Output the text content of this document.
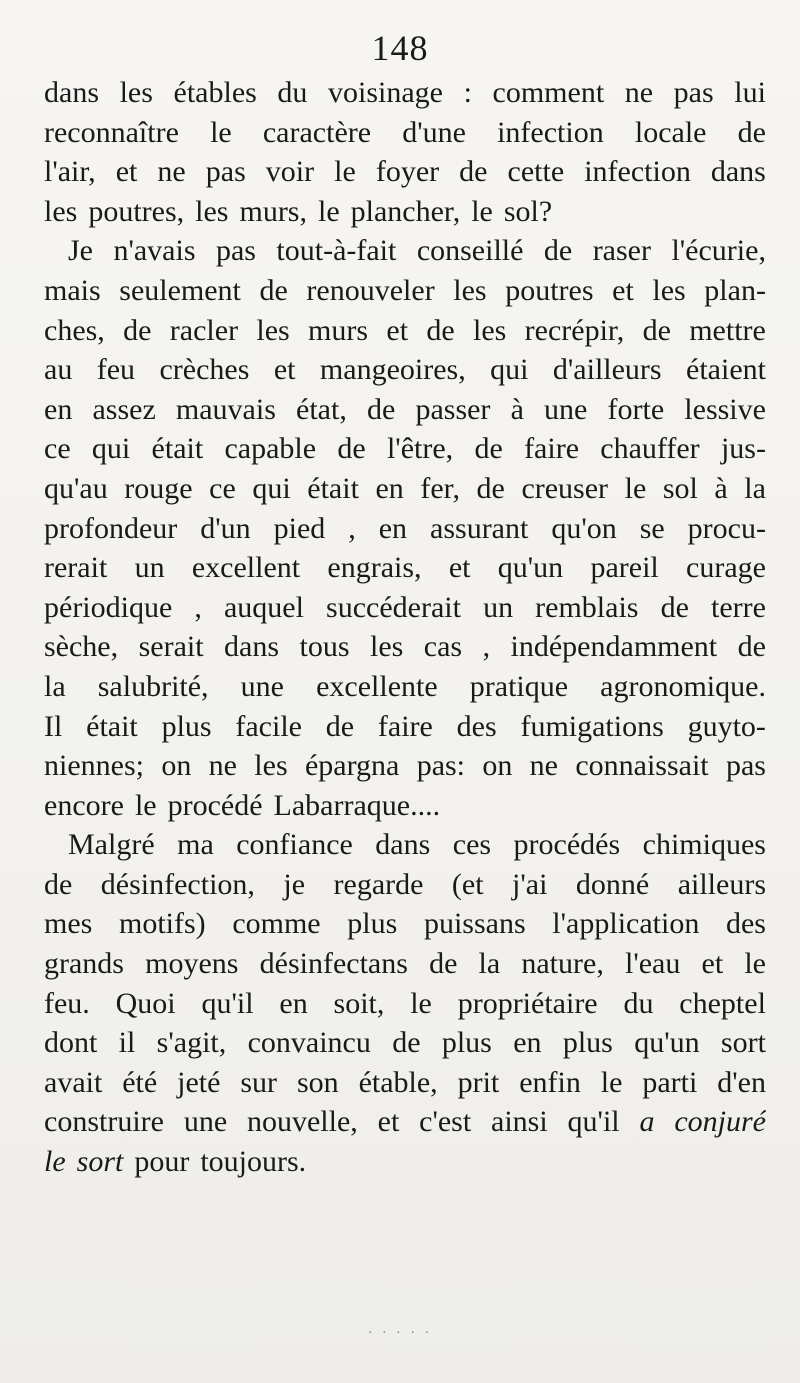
148
dans les étables du voisinage : comment ne pas lui
reconnaître le caractère d'une infection locale de
l'air, et ne pas voir le foyer de cette infection dans
les poutres, les murs, le plancher, le sol?
Je n'avais pas tout-à-fait conseillé de raser l'écurie,
mais seulement de renouveler les poutres et les plan-
ches, de racler les murs et de les recrépir, de mettre
au feu crèches et mangeoires, qui d'ailleurs étaient
en assez mauvais état, de passer à une forte lessive
ce qui était capable de l'être, de faire chauffer jus-
qu'au rouge ce qui était en fer, de creuser le sol à la
profondeur d'un pied , en assurant qu'on se procu-
rerait un excellent engrais, et qu'un pareil curage
périodique , auquel succéderait un remblais de terre
sèche, serait dans tous les cas , indépendamment de
la salubrité, une excellente pratique agronomique.
Il était plus facile de faire des fumigations guyto-
niennes; on ne les épargna pas: on ne connaissait pas
encore le procédé Labarraque....
Malgré ma confiance dans ces procédés chimiques
de désinfection, je regarde (et j'ai donné ailleurs
mes motifs) comme plus puissans l'application des
grands moyens désinfectans de la nature, l'eau et le
feu. Quoi qu'il en soit, le propriétaire du cheptel
dont il s'agit, convaincu de plus en plus qu'un sort
avait été jeté sur son étable, prit enfin le parti d'en
construire une nouvelle, et c'est ainsi qu'il a conjuré
le sort pour toujours.
· · · · ·
